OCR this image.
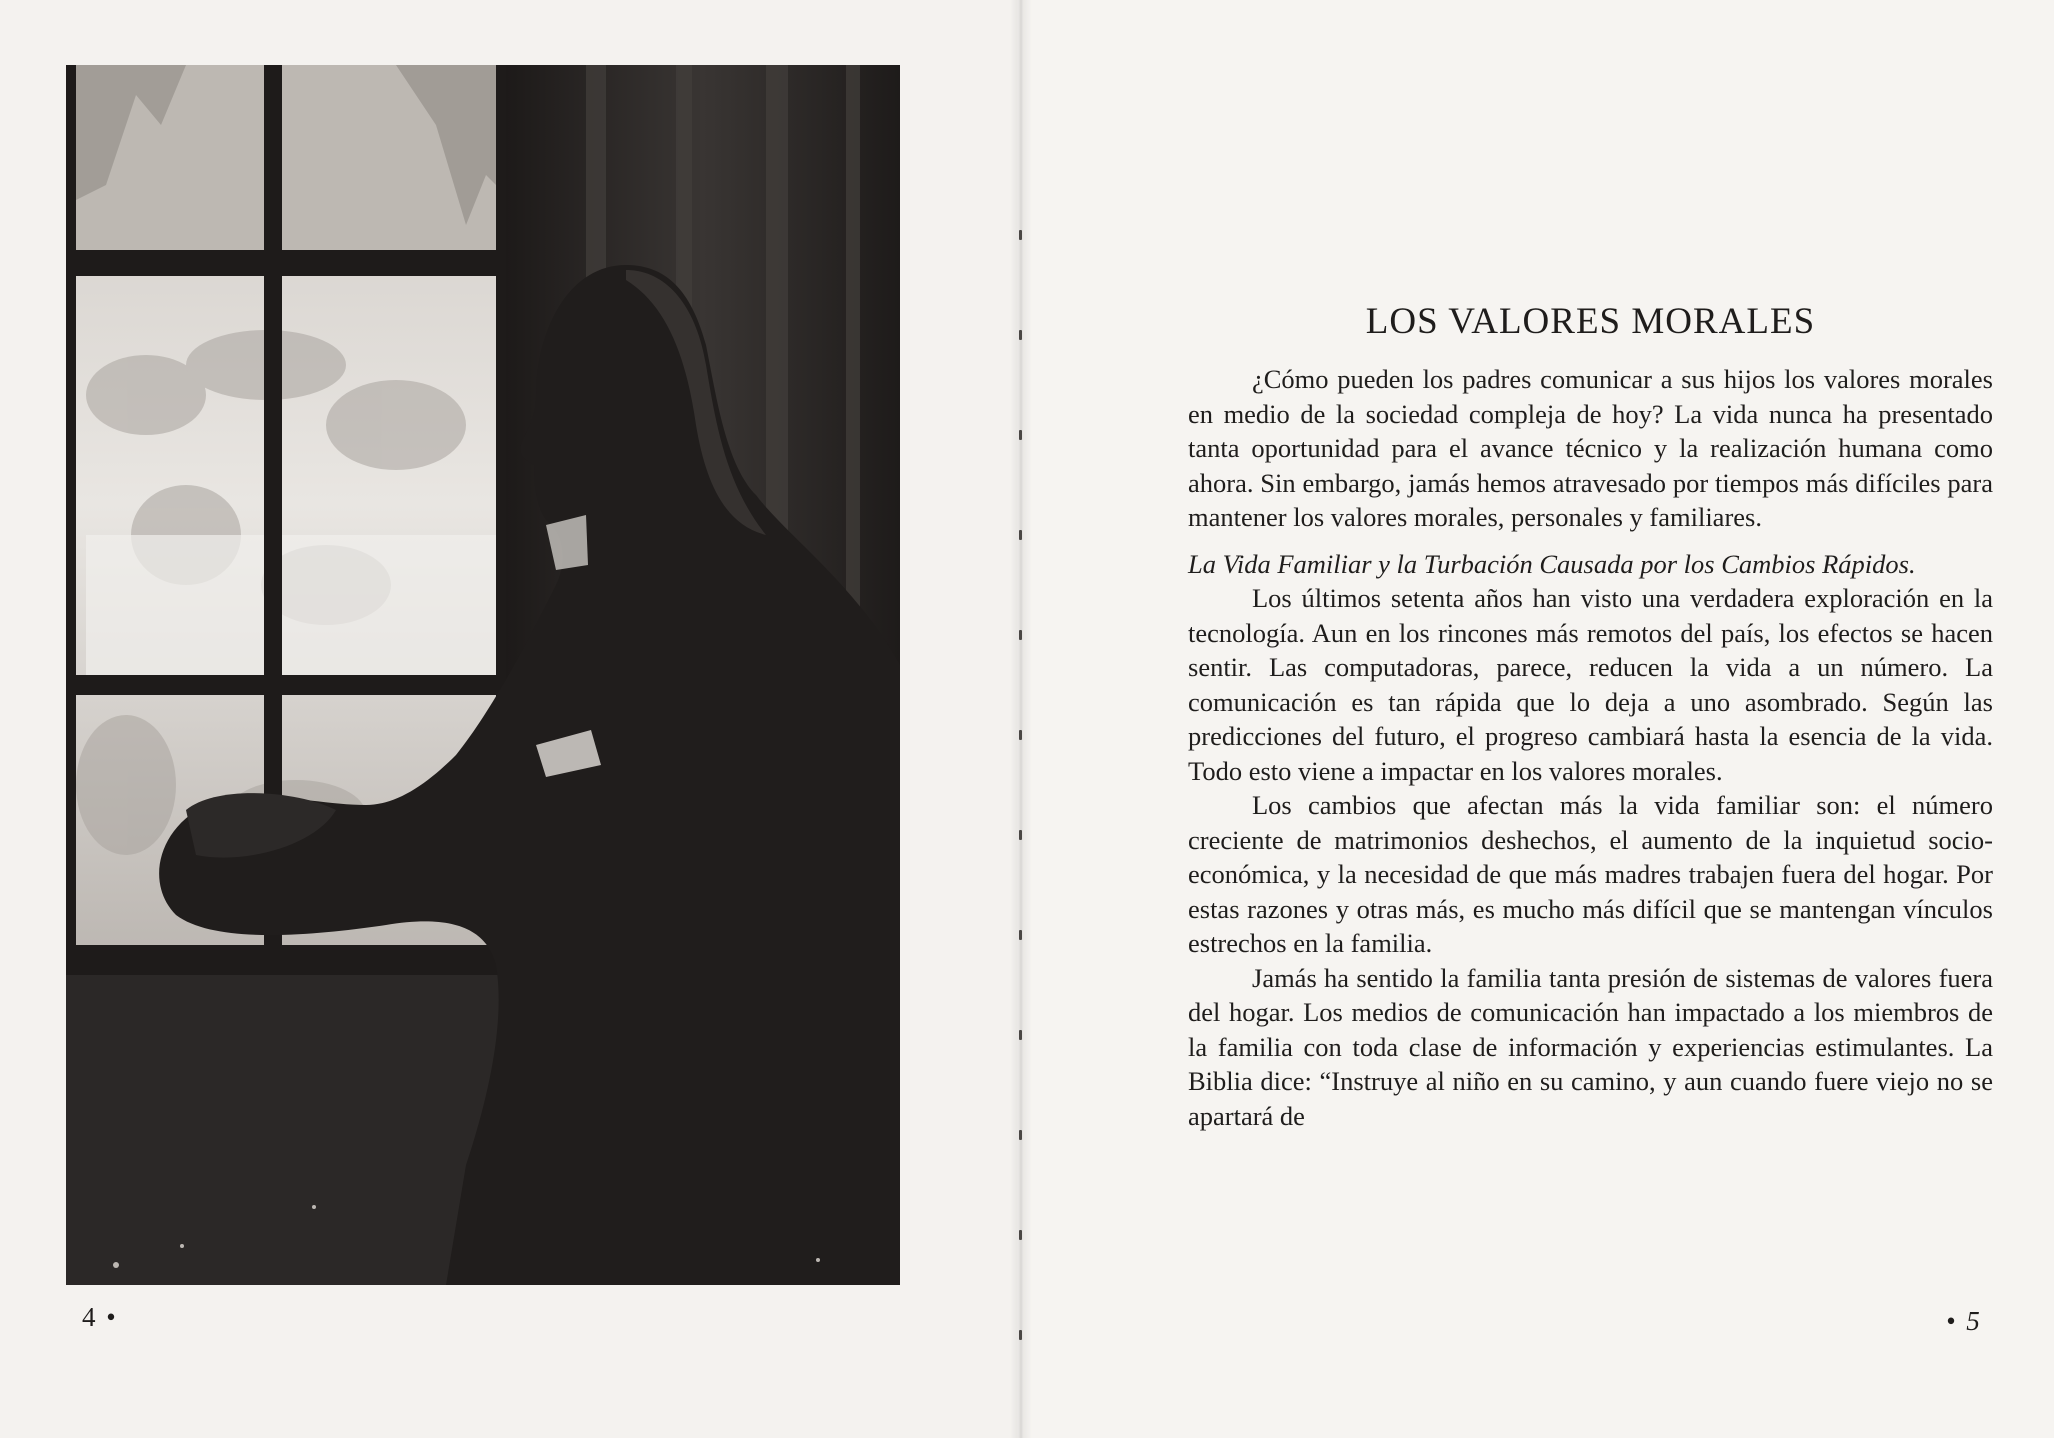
4 •
LOS VALORES MORALES

¿Cómo pueden los padres comunicar a sus hijos los valores morales en medio de la sociedad compleja de hoy? La vida nunca ha presentado tanta oportunidad para el avance técnico y la realización humana como ahora. Sin embargo, jamás hemos atravesado por tiempos más difíciles para mantener los valores morales, personales y familiares.

La Vida Familiar y la Turbación Causada por los Cambios Rápidos.

Los últimos setenta años han visto una verdadera exploración en la tecnología. Aun en los rincones más remotos del país, los efectos se hacen sentir. Las computadoras, parece, reducen la vida a un número. La comunicación es tan rápida que lo deja a uno asombrado. Según las predicciones del futuro, el progreso cambiará hasta la esencia de la vida. Todo esto viene a impactar en los valores morales.

Los cambios que afectan más la vida familiar son: el número creciente de matrimonios deshechos, el aumento de la inquietud socio-económica, y la necesidad de que más madres trabajen fuera del hogar. Por estas razones y otras más, es mucho más difícil que se mantengan vínculos estrechos en la familia.

Jamás ha sentido la familia tanta presión de sistemas de valores fuera del hogar. Los medios de comunicación han impactado a los miembros de la familia con toda clase de información y experiencias estimulantes. La Biblia dice: “Instruye al niño en su camino, y aun cuando fuere viejo no se apartará de

• 5
